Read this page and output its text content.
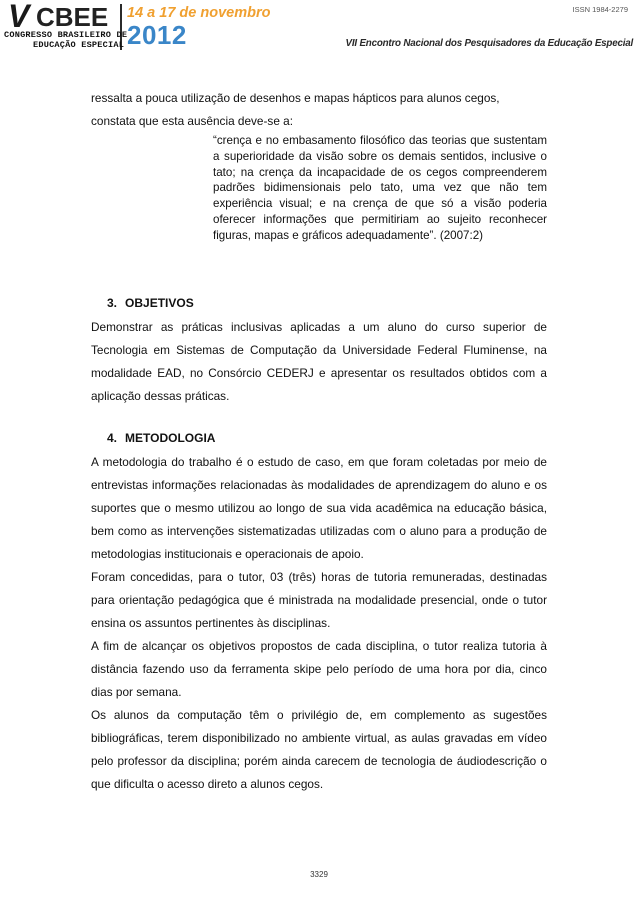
ISSN 1984-2279
V CBEE 14 a 17 de novembro
2012
CONGRESSO BRASILEIRO DE
EDUCAÇÃO ESPECIAL	VII Encontro Nacional dos Pesquisadores da Educação Especial

ressalta a pouca utilização de desenhos e mapas hápticos para alunos cegos,

constata que esta ausência deve-se a:

“crença e no embasamento filosófico das teorias que sustentam a superioridade da visão sobre os demais sentidos, inclusive o tato; na crença da incapacidade de os cegos compreenderem padrões bidimensionais pelo tato, uma vez que não tem experiência visual; e na crença de que só a visão poderia oferecer informações que permitiriam ao sujeito reconhecer figuras, mapas e gráficos adequadamente”. (2007:2)
3. OBJETIVOS

Demonstrar as práticas inclusivas aplicadas a um aluno do curso superior de Tecnologia em Sistemas de Computação da Universidade Federal Fluminense, na modalidade EAD, no Consórcio CEDERJ e apresentar os resultados obtidos com a aplicação dessas práticas.

4. METODOLOGIA

A metodologia do trabalho é o estudo de caso, em que foram coletadas por meio de entrevistas informações relacionadas às modalidades de aprendizagem do aluno e os suportes que o mesmo utilizou ao longo de sua vida acadêmica na educação básica, bem como as intervenções sistematizadas utilizadas com o aluno para a produção de metodologias institucionais e operacionais de apoio.

Foram concedidas, para o tutor, 03 (três) horas de tutoria remuneradas, destinadas para orientação pedagógica que é ministrada na modalidade presencial, onde o tutor ensina os assuntos pertinentes às disciplinas.

A fim de alcançar os objetivos propostos de cada disciplina, o tutor realiza tutoria à distância fazendo uso da ferramenta skipe pelo período de uma hora por dia, cinco dias por semana.

Os alunos da computação têm o privilégio de, em complemento as sugestões bibliográficas, terem disponibilizado no ambiente virtual, as aulas gravadas em vídeo pelo professor da disciplina; porém ainda carecem de tecnologia de áudiodescrição o que dificulta o acesso direto a alunos cegos.

3329
